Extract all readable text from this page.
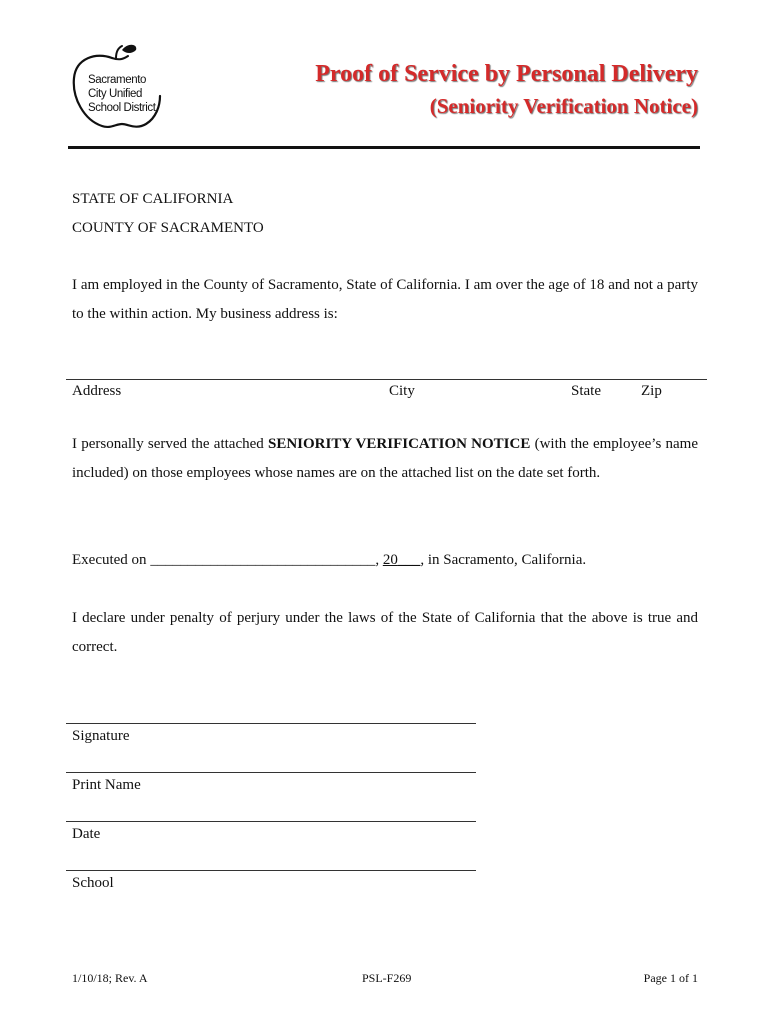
Sacramento
City Unified
School District
Proof of Service by Personal Delivery
(Seniority Verification Notice)
STATE OF CALIFORNIA
COUNTY OF SACRAMENTO
I am employed in the County of Sacramento, State of California. I am over the age of 18 and not a party to the within action. My business address is:
Address	City	State	Zip
I personally served the attached SENIORITY VERIFICATION NOTICE (with the employee’s name included) on those employees whose names are on the attached list on the date set forth.
Executed on ______________________________, 20___, in Sacramento, California.
I declare under penalty of perjury under the laws of the State of California that the above is true and correct.
Signature
Print Name
Date
School
1/10/18; Rev. A	PSL-F269	Page 1 of 1
